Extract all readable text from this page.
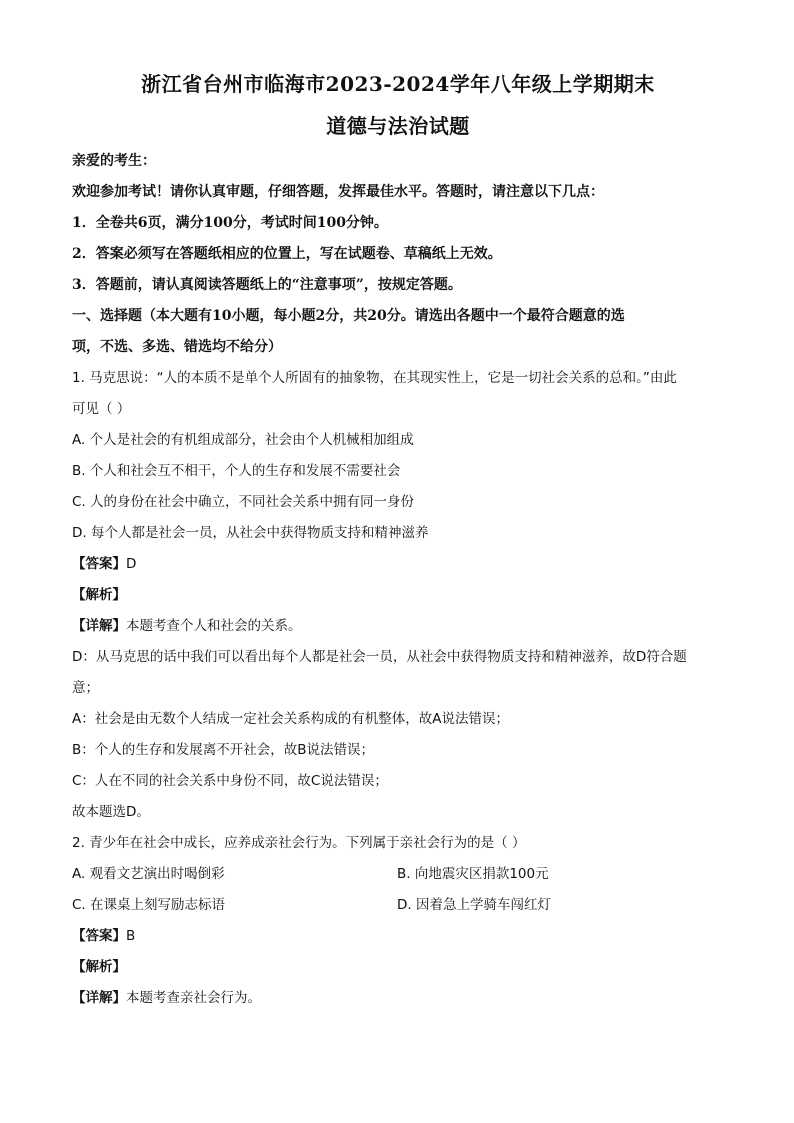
浙江省台州市临海市2023-2024学年八年级上学期期末
道德与法治试题
亲爱的考生：
欢迎参加考试！请你认真审题，仔细答题，发挥最佳水平。答题时，请注意以下几点：
1．全卷共6页，满分100分，考试时间100分钟。
2．答案必须写在答题纸相应的位置上，写在试题卷、草稿纸上无效。
3．答题前，请认真阅读答题纸上的“注意事项”，按规定答题。
一、选择题（本大题有10小题，每小题2分，共20分。请选出各题中一个最符合题意的选
项，不选、多选、错选均不给分）
1. 马克思说：“人的本质不是单个人所固有的抽象物，在其现实性上，它是一切社会关系的总和。”由此
可见（ ）
A. 个人是社会的有机组成部分，社会由个人机械相加组成
B. 个人和社会互不相干，个人的生存和发展不需要社会
C. 人的身份在社会中确立，不同社会关系中拥有同一身份
D. 每个人都是社会一员，从社会中获得物质支持和精神滋养
【答案】D
【解析】
【详解】本题考查个人和社会的关系。
D：从马克思的话中我们可以看出每个人都是社会一员，从社会中获得物质支持和精神滋养，故D符合题
意；
A：社会是由无数个人结成一定社会关系构成的有机整体，故A说法错误；
B：个人的生存和发展离不开社会，故B说法错误；
C：人在不同的社会关系中身份不同，故C说法错误；
故本题选D。
2. 青少年在社会中成长，应养成亲社会行为。下列属于亲社会行为的是（ ）
A. 观看文艺演出时喝倒彩	B. 向地震灾区捐款100元
C. 在课桌上刻写励志标语	D. 因着急上学骑车闯红灯
【答案】B
【解析】
【详解】本题考查亲社会行为。
